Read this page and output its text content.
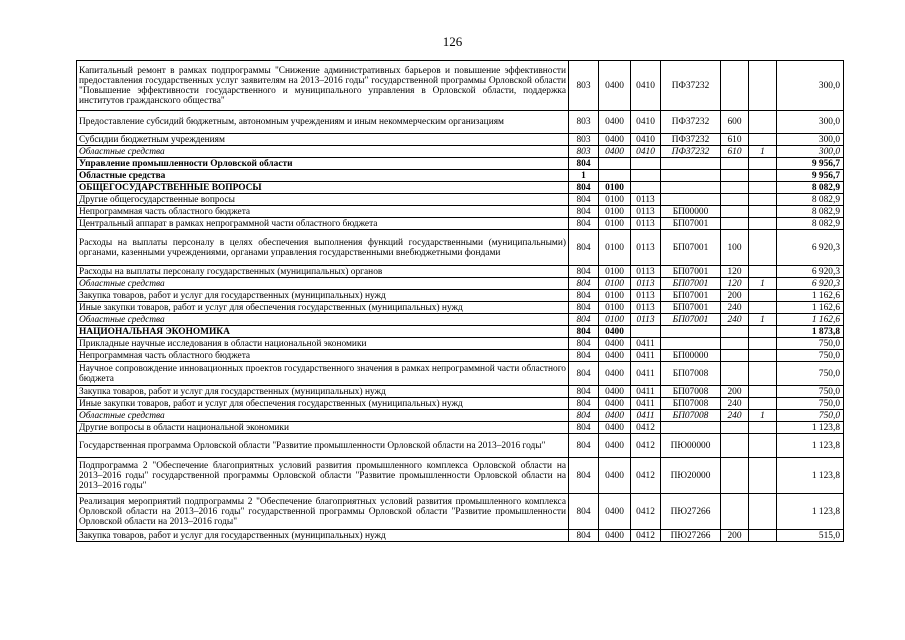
126
Капитальный ремонт в рамках подпрограммы "Снижение административных барьеров и повышение эффективности предоставления государственных услуг заявителям на 2013–2016 годы" государственной программы Орловской области "Повышение эффективности государственного и муниципального управления в Орловской области, поддержка институтов гражданского общества"	803	0400	0410	ПФ37232			300,0
Предоставление субсидий бюджетным, автономным учреждениям и иным некоммерческим организациям	803	0400	0410	ПФ37232	600		300,0
Субсидии бюджетным учреждениям	803	0400	0410	ПФ37232	610		300,0
Областные средства	803	0400	0410	ПФ37232	610	1	300,0
Управление промышленности Орловской области	804						9 956,7
Областные средства	1						9 956,7
ОБЩЕГОСУДАРСТВЕННЫЕ ВОПРОСЫ	804	0100					8 082,9
Другие общегосударственные вопросы	804	0100	0113				8 082,9
Непрограммная часть областного бюджета	804	0100	0113	БП00000			8 082,9
Центральный аппарат в рамках непрограммной части областного бюджета	804	0100	0113	БП07001			8 082,9
Расходы на выплаты персоналу в целях обеспечения выполнения функций государственными (муниципальными) органами, казенными учреждениями, органами управления государственными внебюджетными фондами	804	0100	0113	БП07001	100		6 920,3
Расходы на выплаты персоналу государственных (муниципальных) органов	804	0100	0113	БП07001	120		6 920,3
Областные средства	804	0100	0113	БП07001	120	1	6 920,3
Закупка товаров, работ и услуг для государственных (муниципальных) нужд	804	0100	0113	БП07001	200		1 162,6
Иные закупки товаров, работ и услуг для обеспечения государственных (муниципальных) нужд	804	0100	0113	БП07001	240		1 162,6
Областные средства	804	0100	0113	БП07001	240	1	1 162,6
НАЦИОНАЛЬНАЯ ЭКОНОМИКА	804	0400					1 873,8
Прикладные научные исследования в области национальной экономики	804	0400	0411				750,0
Непрограммная часть областного бюджета	804	0400	0411	БП00000			750,0
Научное сопровождение инновационных проектов государственного значения в рамках непрограммной части областного бюджета	804	0400	0411	БП07008			750,0
Закупка товаров, работ и услуг для государственных (муниципальных) нужд	804	0400	0411	БП07008	200		750,0
Иные закупки товаров, работ и услуг для обеспечения государственных (муниципальных) нужд	804	0400	0411	БП07008	240		750,0
Областные средства	804	0400	0411	БП07008	240	1	750,0
Другие вопросы в области национальной экономики	804	0400	0412				1 123,8
Государственная программа Орловской области "Развитие промышленности Орловской области на 2013–2016 годы"	804	0400	0412	ПЮ00000			1 123,8
Подпрограмма 2 "Обеспечение благоприятных условий развития промышленного комплекса Орловской области на 2013–2016 годы" государственной программы Орловской области "Развитие промышленности Орловской области на 2013–2016 годы"	804	0400	0412	ПЮ20000			1 123,8
Реализация мероприятий подпрограммы 2 "Обеспечение благоприятных условий развития промышленного комплекса Орловской области на 2013–2016 годы" государственной программы Орловской области "Развитие промышленности Орловской области на 2013–2016 годы"	804	0400	0412	ПЮ27266			1 123,8
Закупка товаров, работ и услуг для государственных (муниципальных) нужд	804	0400	0412	ПЮ27266	200		515,0
